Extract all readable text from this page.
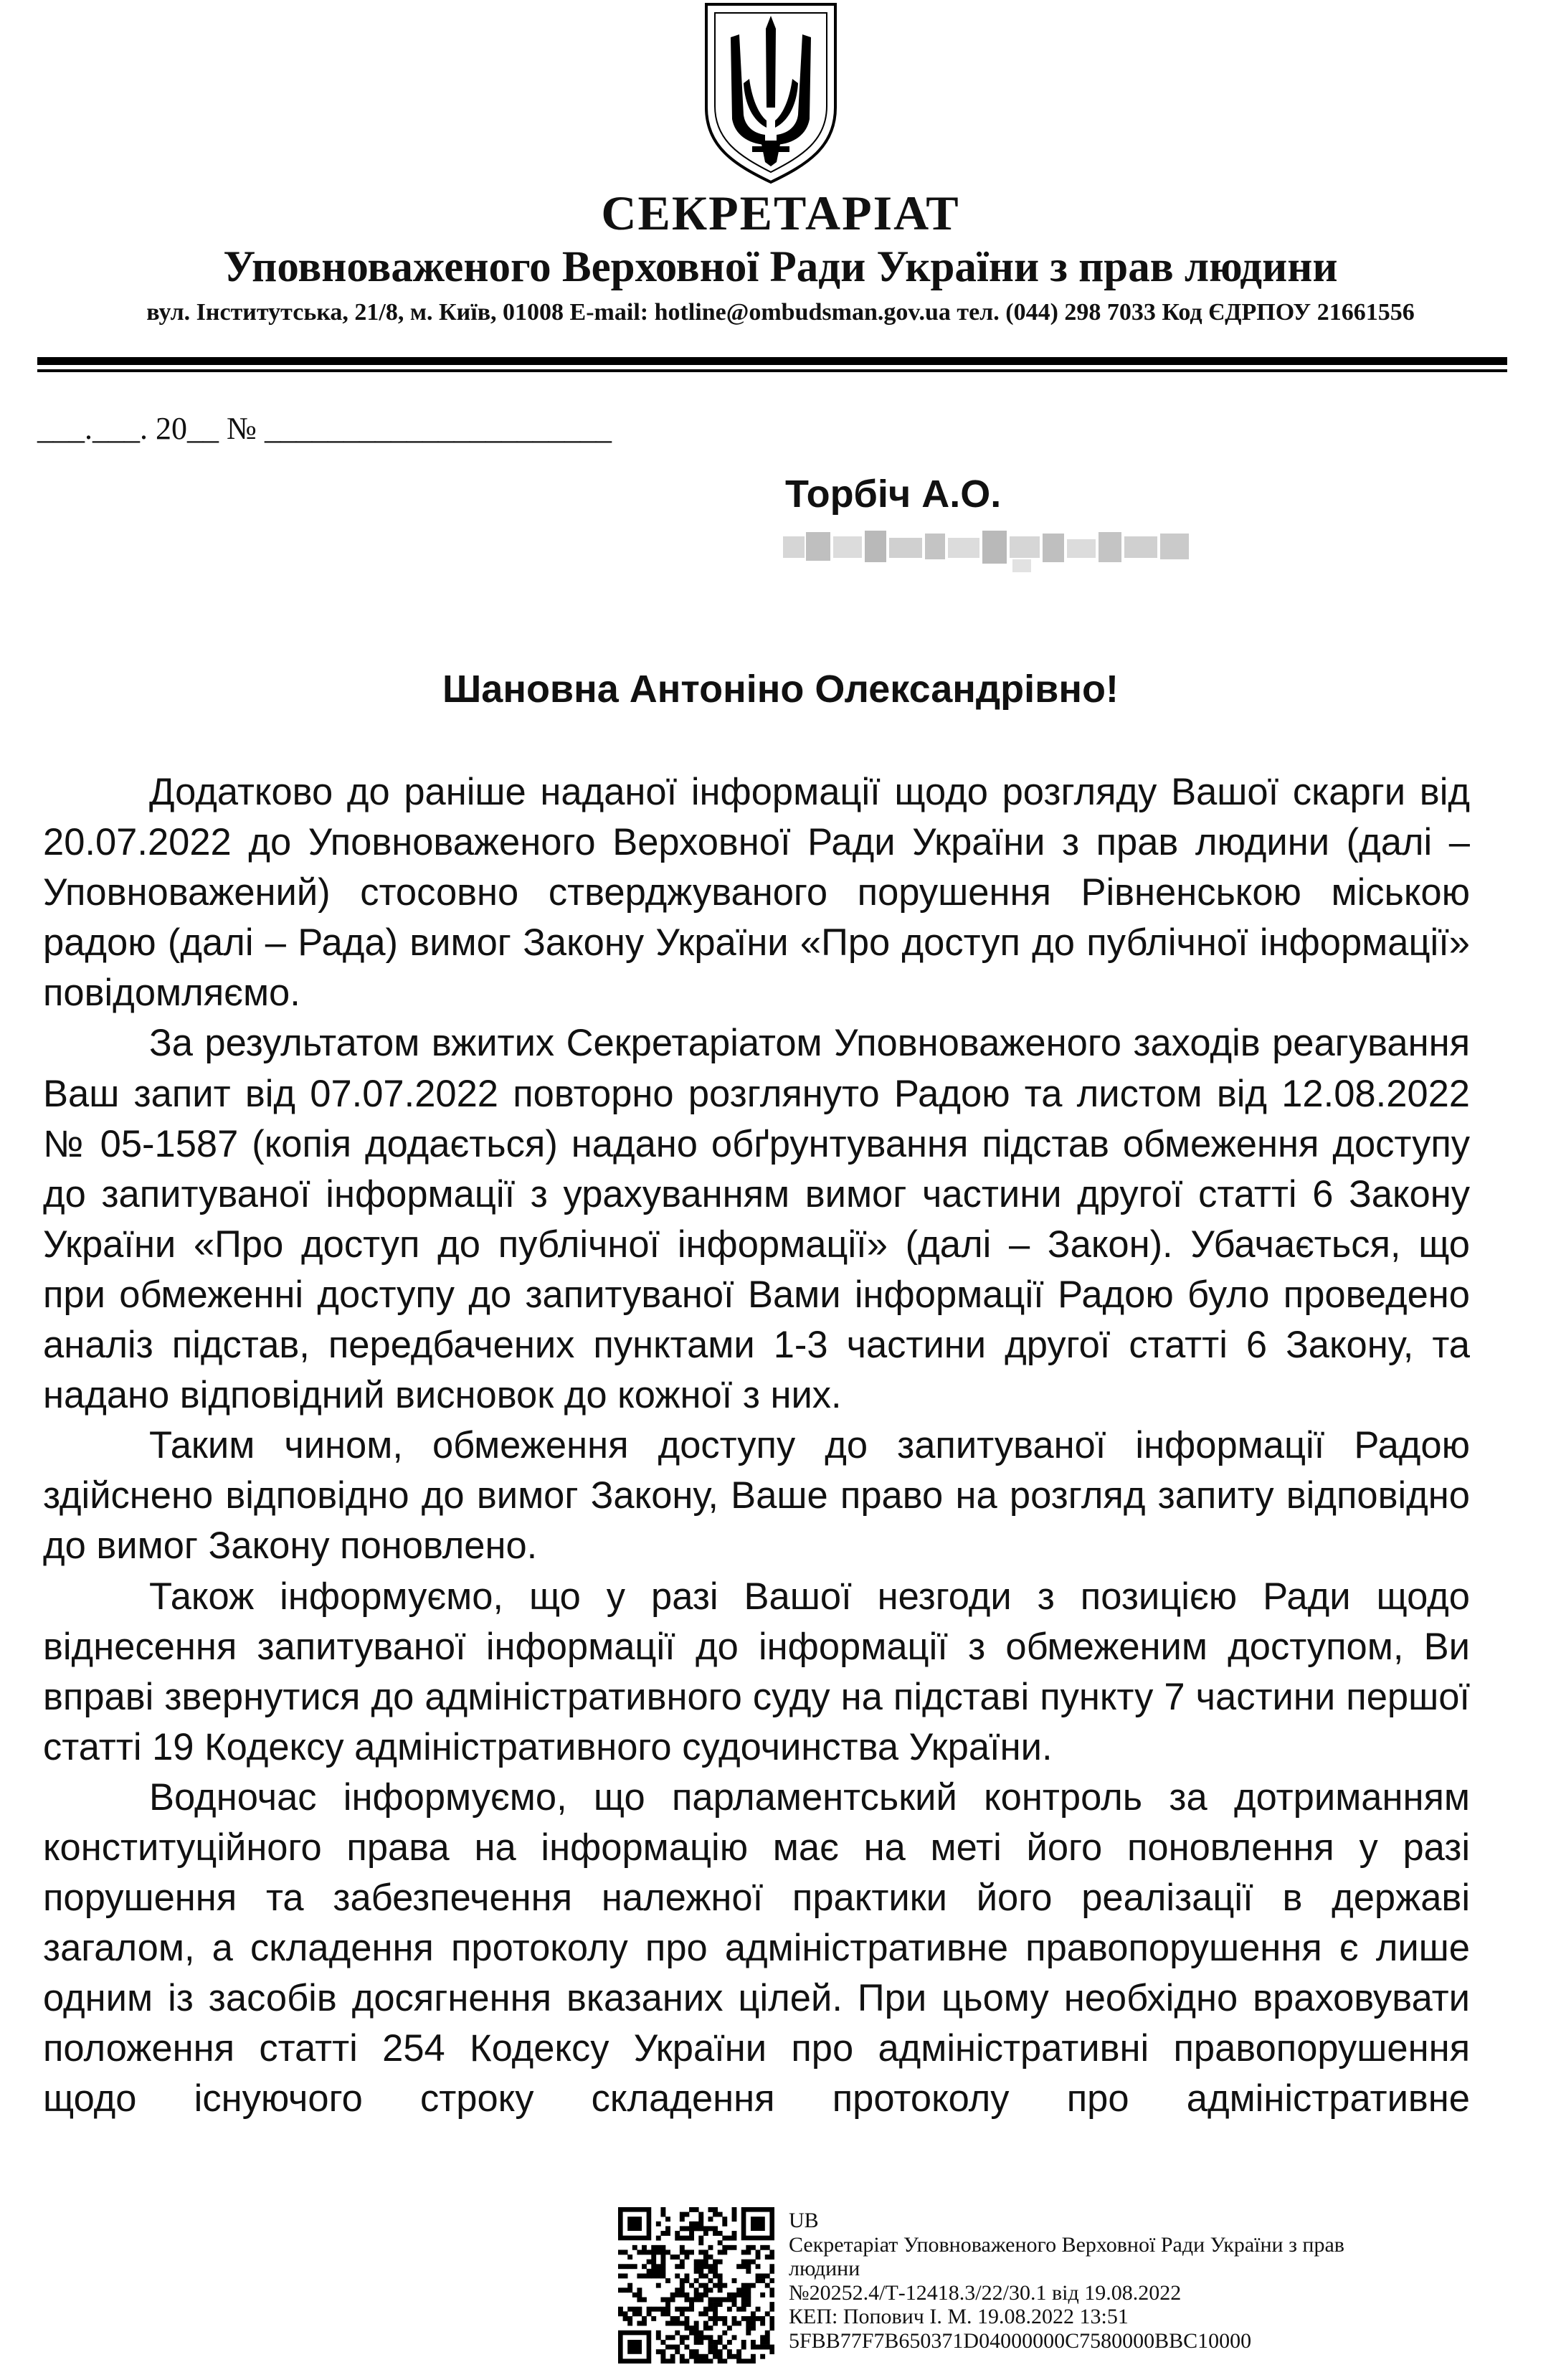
СЕКРЕТАРІАТ
Уповноваженого Верховної Ради України з прав людини
вул. Інститутська, 21/8, м. Київ, 01008 E-mail: hotline@ombudsman.gov.ua тел. (044) 298 7033 Код ЄДРПОУ 21661556
___.___. 20__ № ______________________
Торбіч А.О.
Шановна Антоніно Олександрівно!

Додатково до раніше наданої інформації щодо розгляду Вашої скарги від 20.07.2022 до Уповноваженого Верховної Ради України з прав людини (далі – Уповноважений) стосовно стверджуваного порушення Рівненською міською радою (далі – Рада) вимог Закону України «Про доступ до публічної інформації» повідомляємо.

За результатом вжитих Секретаріатом Уповноваженого заходів реагування Ваш запит від 07.07.2022 повторно розглянуто Радою та листом від 12.08.2022 № 05-1587 (копія додається) надано обґрунтування підстав обмеження доступу до запитуваної інформації з урахуванням вимог частини другої статті 6 Закону України «Про доступ до публічної інформації» (далі – Закон). Убачається, що при обмеженні доступу до запитуваної Вами інформації Радою було проведено аналіз підстав, передбачених пунктами 1-3 частини другої статті 6 Закону, та надано відповідний висновок до кожної з них.

Таким чином, обмеження доступу до запитуваної інформації Радою здійснено відповідно до вимог Закону, Ваше право на розгляд запиту відповідно до вимог Закону поновлено.

Також інформуємо, що у разі Вашої незгоди з позицією Ради щодо віднесення запитуваної інформації до інформації з обмеженим доступом, Ви вправі звернутися до адміністративного суду на підставі пункту 7 частини першої статті 19 Кодексу адміністративного судочинства України.

Водночас інформуємо, що парламентський контроль за дотриманням конституційного права на інформацію має на меті його поновлення у разі порушення та забезпечення належної практики його реалізації в державі загалом, а складення протоколу про адміністративне правопорушення є лише одним із засобів досягнення вказаних цілей. При цьому необхідно враховувати положення статті 254 Кодексу України про адміністративні правопорушення щодо існуючого строку складення протоколу про адміністративне

UB
Секретаріат Уповноваженого Верховної Ради України з прав
людини
№20252.4/Т-12418.3/22/30.1 від 19.08.2022
КЕП: Попович І. М. 19.08.2022 13:51
5FBB77F7B650371D04000000C7580000BBC10000
